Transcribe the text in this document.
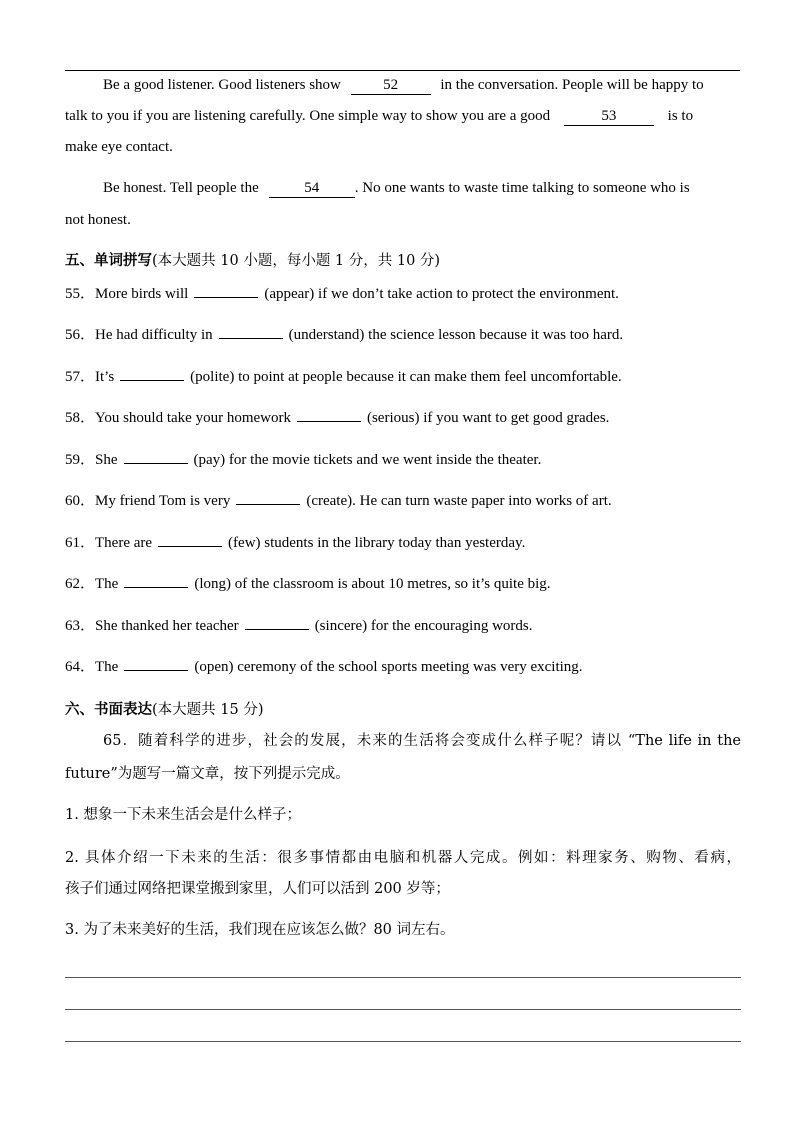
Be a good listener. Good listeners show	52	in the conversation. People will be happy to
talk to you if you are listening carefully. One simple way to show you are a good	53	is to
make eye contact.
Be honest. Tell people the	54 . No one wants to waste time talking to someone who is
not honest.
五、单词拼写(本大题共 10 小题，每小题 1 分，共 10 分)
55．More birds will	(appear) if we don’t take action to protect the environment.
56．He had difficulty in	(understand) the science lesson because it was too hard.
57．It’s	(polite) to point at people because it can make them feel uncomfortable.
58．You should take your homework	(serious) if you want to get good grades.
59．She	(pay) for the movie tickets and we went inside the theater.
60．My friend Tom is very	(create). He can turn waste paper into works of art.
61．There are	(few) students in the library today than yesterday.
62．The	(long) of the classroom is about 10 metres, so it’s quite big.
63．She thanked her teacher	(sincere) for the encouraging words.
64．The	(open) ceremony of the school sports meeting was very exciting.
六、书面表达(本大题共 15 分)
65．随着科学的进步，社会的发展，未来的生活将会变成什么样子呢？请以 “The life in the
future”为题写一篇文章，按下列提示完成。
1. 想象一下未来生活会是什么样子；
2. 具体介绍一下未来的生活：很多事情都由电脑和机器人完成。例如：料理家务、购物、看病，
孩子们通过网络把课堂搬到家里，人们可以活到 200 岁等；
3. 为了未来美好的生活，我们现在应该怎么做？80 词左右。
